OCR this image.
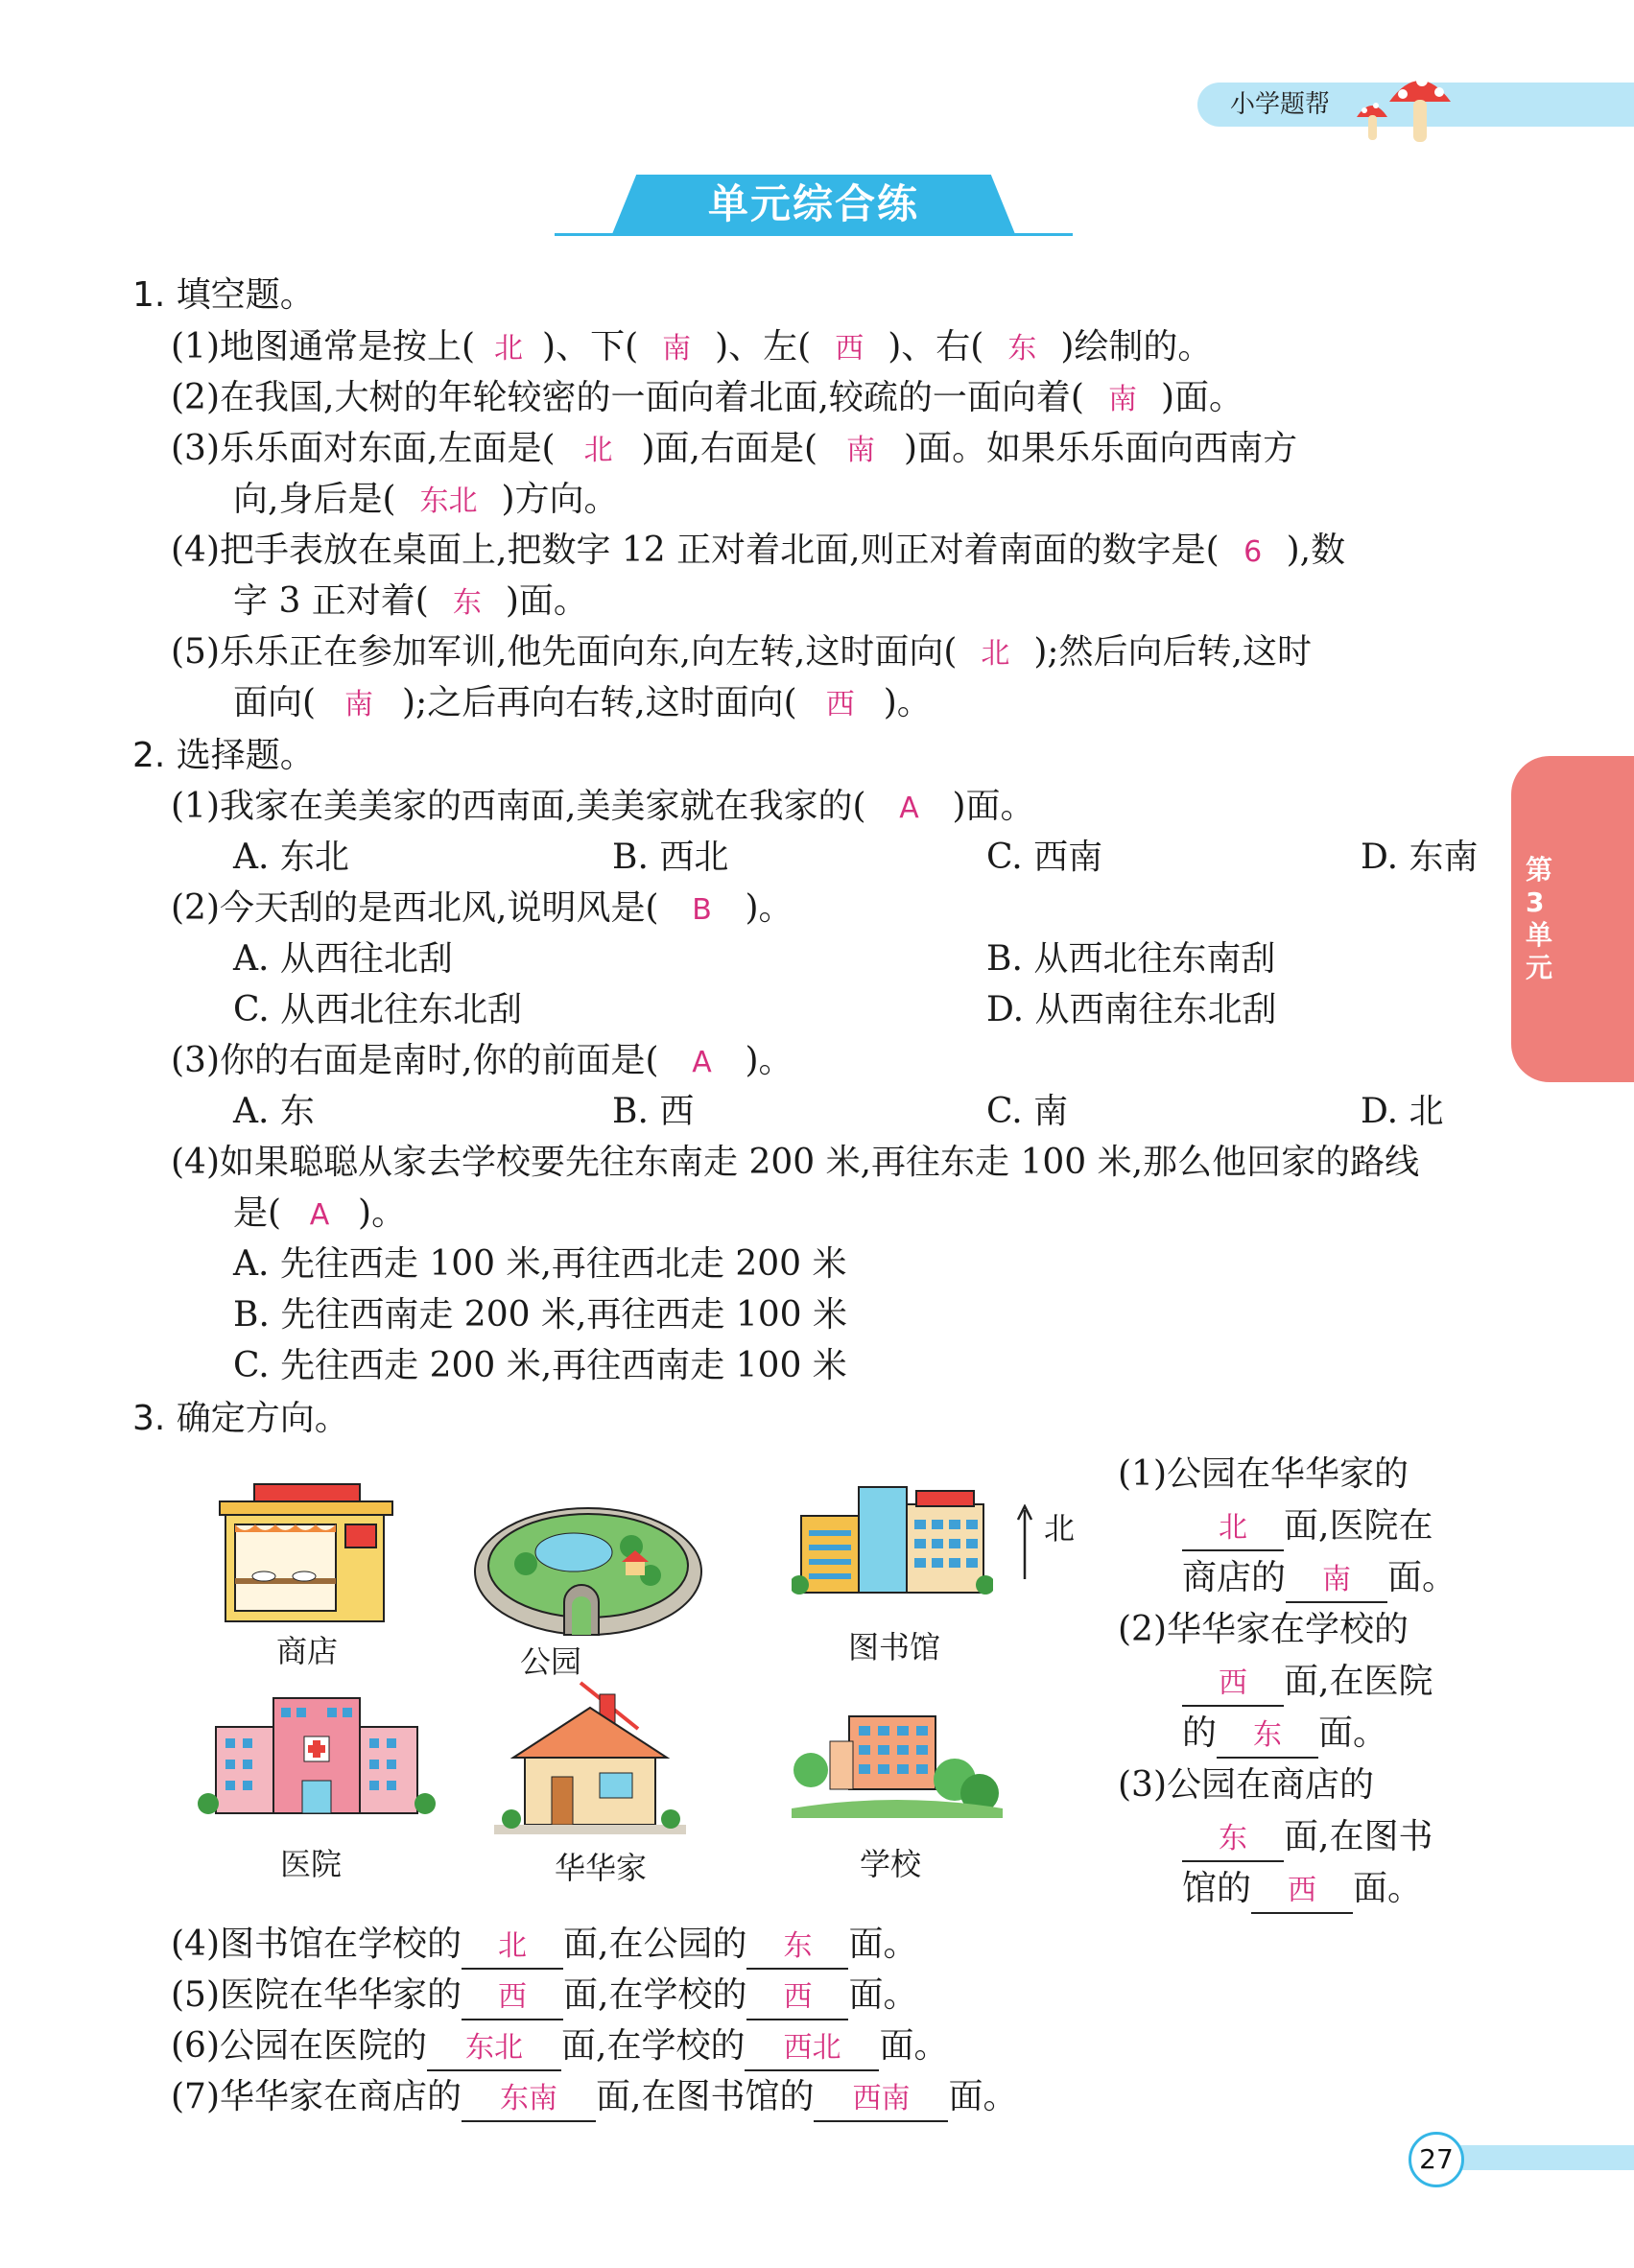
小学题帮
单元综合练
第3单元
1. 填空题。
(1)地图通常是按上( 北 )、下( 南 )、左( 西 )、右( 东 )绘制的。
(2)在我国,大树的年轮较密的一面向着北面,较疏的一面向着( 南 )面。
(3)乐乐面对东面,左面是( 北 )面,右面是( 南 )面。如果乐乐面向西南方
向,身后是( 东北 )方向。
(4)把手表放在桌面上,把数字 12 正对着北面,则正对着南面的数字是( 6 ),数
字 3 正对着( 东 )面。
(5)乐乐正在参加军训,他先面向东,向左转,这时面向( 北 );然后向后转,这时
面向( 南 );之后再向右转,这时面向( 西 )。
2. 选择题。
(1)我家在美美家的西南面,美美家就在我家的( A )面。
A. 东北	B. 西北	C. 西南	D. 东南
(2)今天刮的是西北风,说明风是( B )。
A. 从西往北刮	B. 从西北往东南刮
C. 从西北往东北刮	D. 从西南往东北刮
(3)你的右面是南时,你的前面是( A )。
A. 东	B. 西	C. 南	D. 北
(4)如果聪聪从家去学校要先往东南走 200 米,再往东走 100 米,那么他回家的路线
是( A )。
A. 先往西走 100 米,再往西北走 200 米
B. 先往西南走 200 米,再往西走 100 米
C. 先往西走 200 米,再往西南走 100 米
3. 确定方向。
商店	公园	图书馆
北
医院	华华家	学校
(1)公园在华华家的
北 面,医院在
商店的 南 面。
(2)华华家在学校的
西 面,在医院
的 东 面。
(3)公园在商店的
东 面,在图书
馆的 西 面。
(4)图书馆在学校的 北 面,在公园的 东 面。
(5)医院在华华家的 西 面,在学校的 西 面。
(6)公园在医院的 东北 面,在学校的 西北 面。
(7)华华家在商店的 东南 面,在图书馆的 西南 面。
27
